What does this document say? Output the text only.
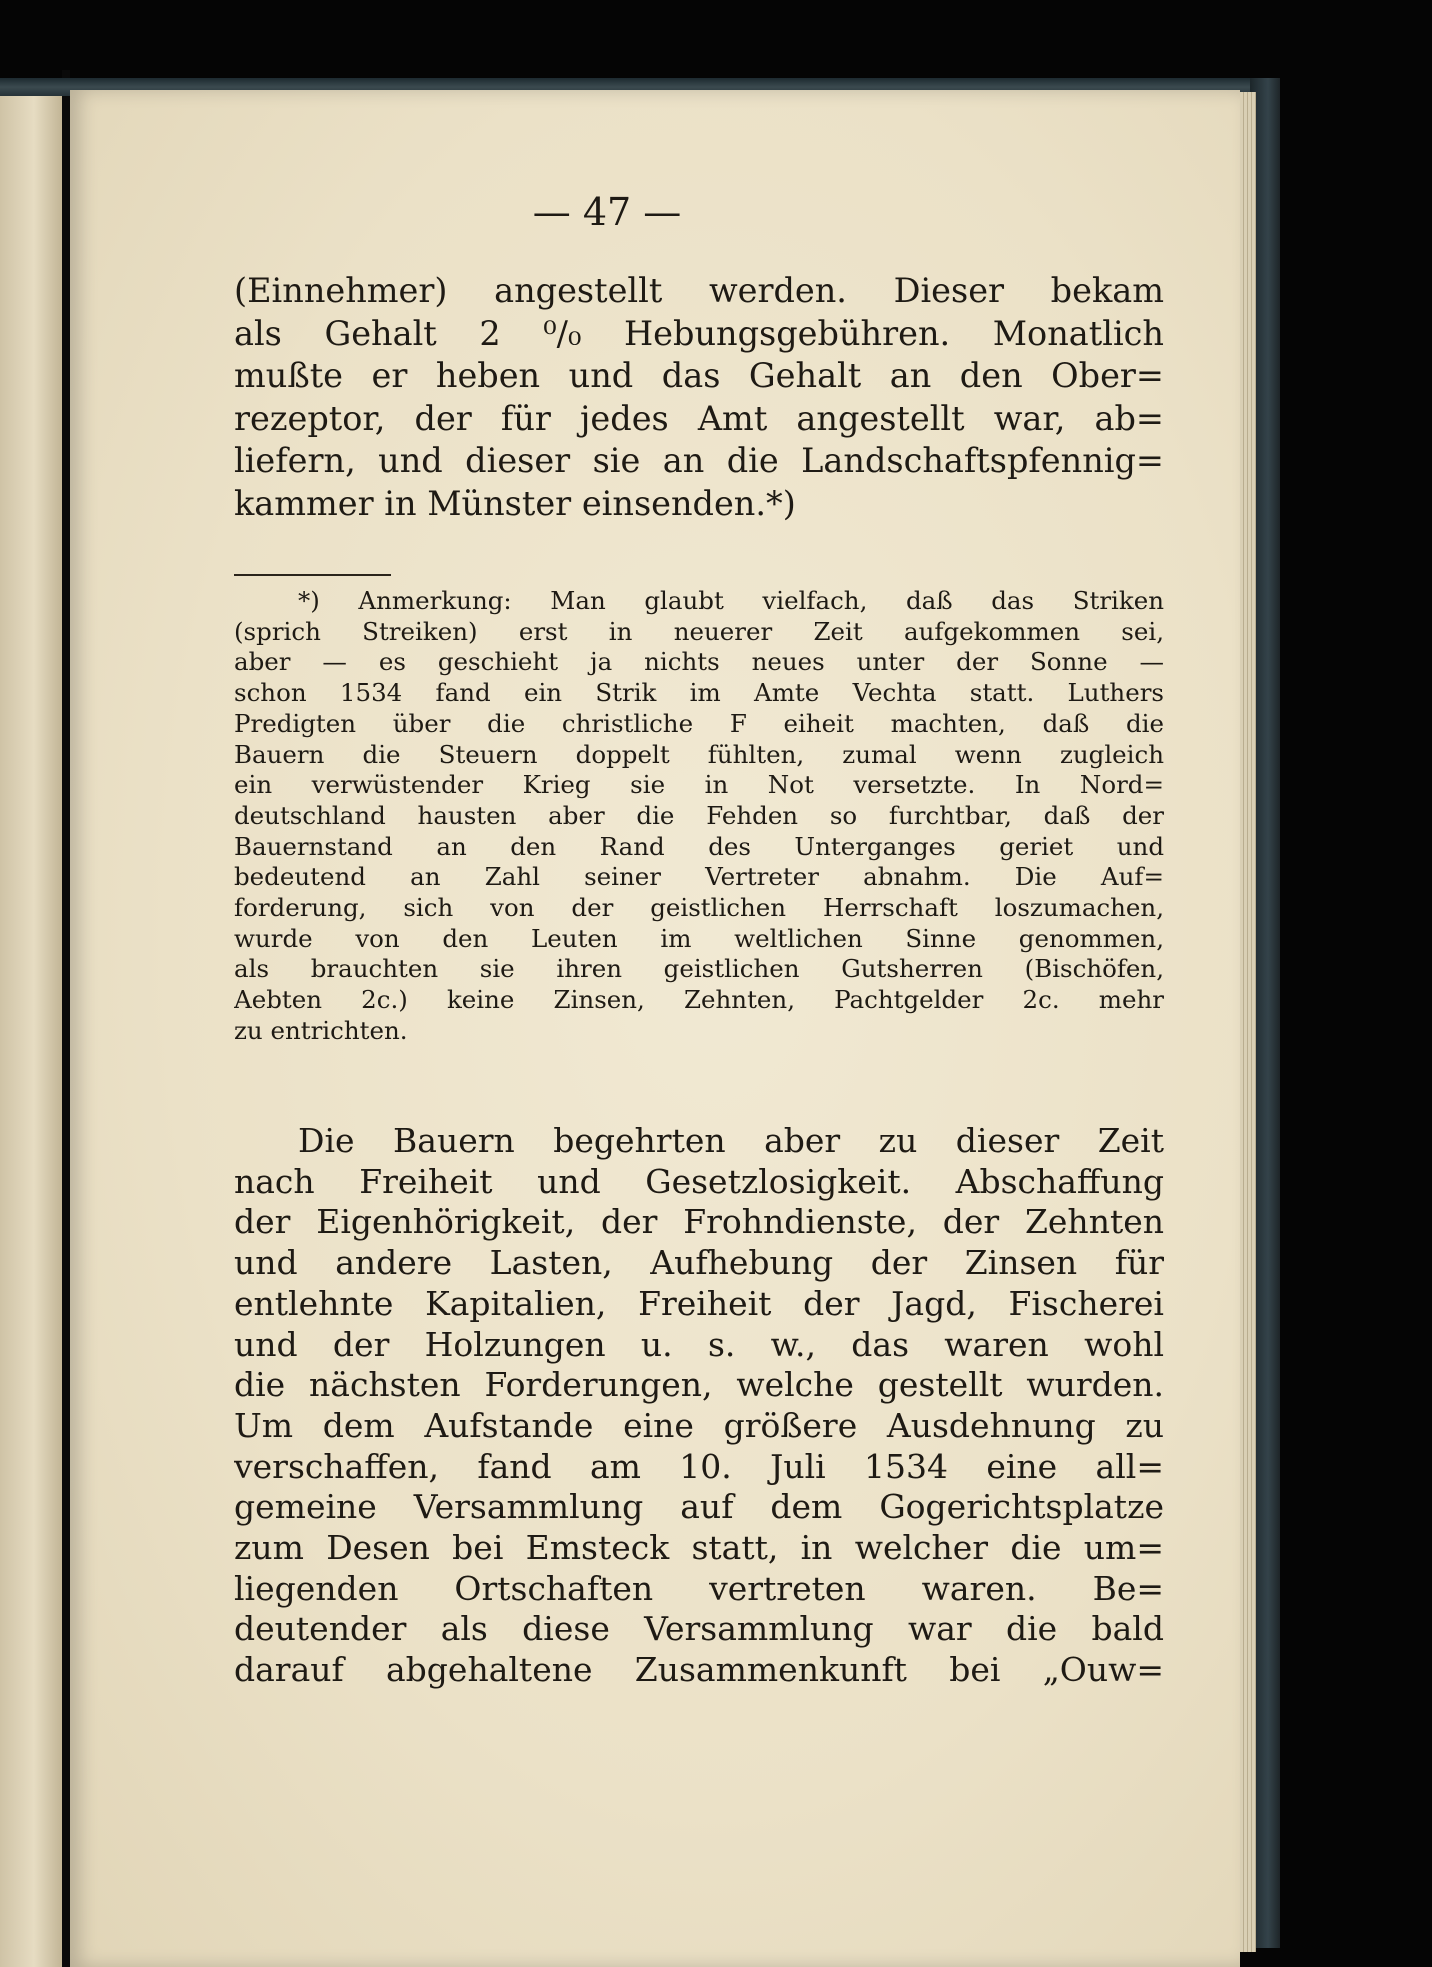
— 47 —
(Einnehmer) angestellt werden. Dieser bekam
als Gehalt 2 ⁰/₀ Hebungsgebühren. Monatlich
mußte er heben und das Gehalt an den Ober=
rezeptor, der für jedes Amt angestellt war, ab=
liefern, und dieser sie an die Landschaftspfennig=
kammer in Münster einsenden.*)
*) Anmerkung: Man glaubt vielfach, daß das Striken
(sprich Streiken) erst in neuerer Zeit aufgekommen sei,
aber — es geschieht ja nichts neues unter der Sonne —
schon 1534 fand ein Strik im Amte Vechta statt. Luthers
Predigten über die christliche F eiheit machten, daß die
Bauern die Steuern doppelt fühlten, zumal wenn zugleich
ein verwüstender Krieg sie in Not versetzte. In Nord=
deutschland hausten aber die Fehden so furchtbar, daß der
Bauernstand an den Rand des Unterganges geriet und
bedeutend an Zahl seiner Vertreter abnahm. Die Auf=
forderung, sich von der geistlichen Herrschaft loszumachen,
wurde von den Leuten im weltlichen Sinne genommen,
als brauchten sie ihren geistlichen Gutsherren (Bischöfen,
Aebten 2c.) keine Zinsen, Zehnten, Pachtgelder 2c. mehr
zu entrichten.
Die Bauern begehrten aber zu dieser Zeit
nach Freiheit und Gesetzlosigkeit. Abschaffung
der Eigenhörigkeit, der Frohndienste, der Zehnten
und andere Lasten, Aufhebung der Zinsen für
entlehnte Kapitalien, Freiheit der Jagd, Fischerei
und der Holzungen u. s. w., das waren wohl
die nächsten Forderungen, welche gestellt wurden.
Um dem Aufstande eine größere Ausdehnung zu
verschaffen, fand am 10. Juli 1534 eine all=
gemeine Versammlung auf dem Gogerichtsplatze
zum Desen bei Emsteck statt, in welcher die um=
liegenden Ortschaften vertreten waren. Be=
deutender als diese Versammlung war die bald
darauf abgehaltene Zusammenkunft bei „Ouw=
